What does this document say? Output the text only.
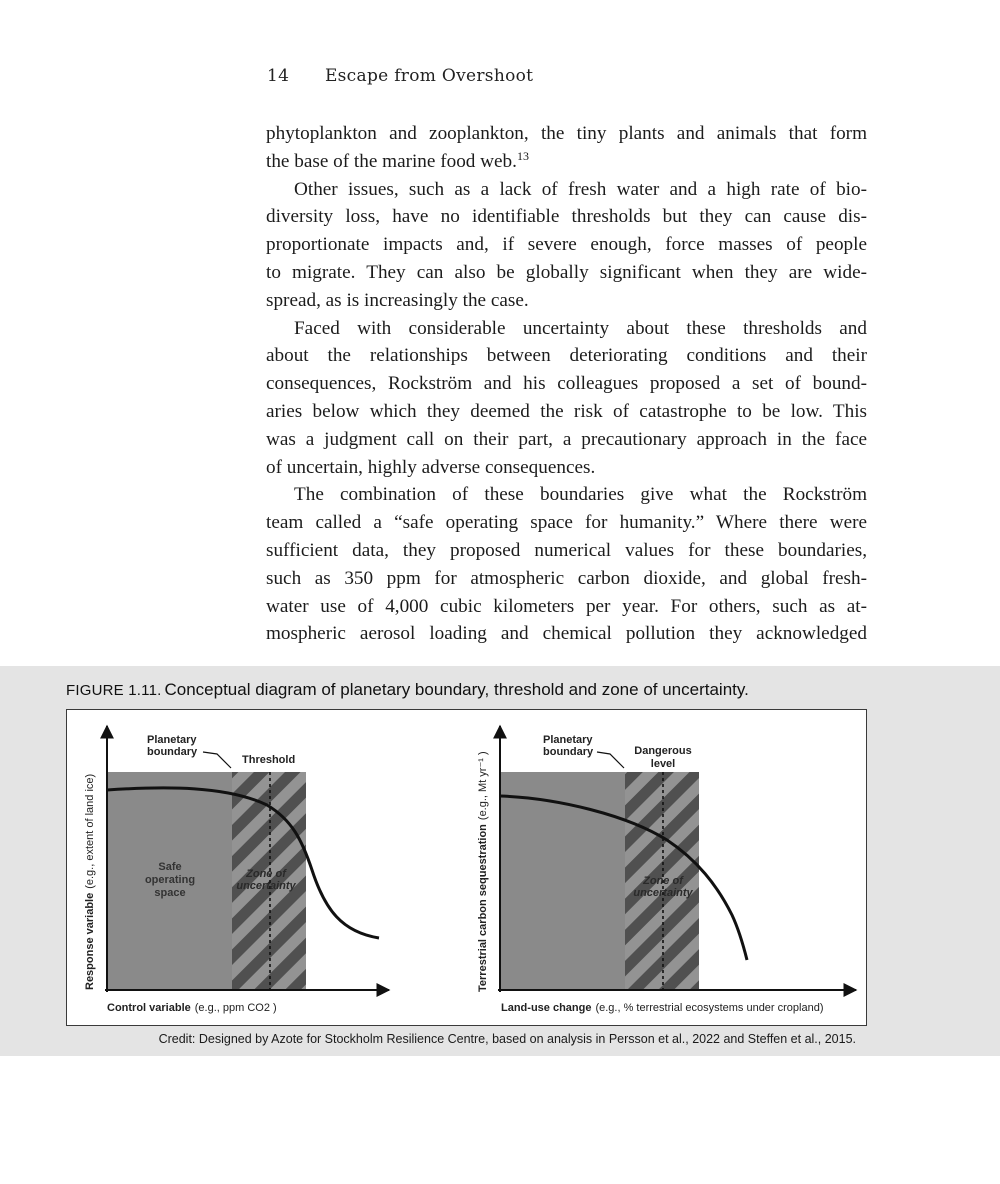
14 Escape from Overshoot
phytoplankton and zooplankton, the tiny plants and animals that form
the base of the marine food web.$^{13}$
Other issues, such as a lack of fresh water and a high rate of bio-
diversity loss, have no identifiable thresholds but they can cause dis-
proportionate impacts and, if severe enough, force masses of people
to migrate. They can also be globally significant when they are wide-
spread, as is increasingly the case.
Faced with considerable uncertainty about these thresholds and
about the relationships between deteriorating conditions and their
consequences, Rockström and his colleagues proposed a set of bound-
aries below which they deemed the risk of catastrophe to be low. This
was a judgment call on their part, a precautionary approach in the face
of uncertain, highly adverse consequences.
The combination of these boundaries give what the Rockström
team called a “safe operating space for humanity.” Where there were
sufficient data, they proposed numerical values for these boundaries,
such as 350 ppm for atmospheric carbon dioxide, and global fresh-
water use of 4,000 cubic kilometers per year. For others, such as at-
mospheric aerosol loading and chemical pollution they acknowledged
FIGURE 1.11. Conceptual diagram of planetary boundary, threshold and zone of uncertainty.
Planetary
boundary
Threshold
Safe
operating
space
Zone of
uncertainty
Response variable(e.g., extent of land ice)
Control variable (e.g., ppm CO2 )
Planetary
boundary	Dangerous
level
Zone of
uncertainty
Terrestrial carbon sequestration(e.g., Mt yr⁻¹ )
Land-use change (e.g., % terrestrial ecosystems under cropland)
Credit: Designed by Azote for Stockholm Resilience Centre, based on analysis in Persson et al., 2022 and Steffen et al., 2015.
